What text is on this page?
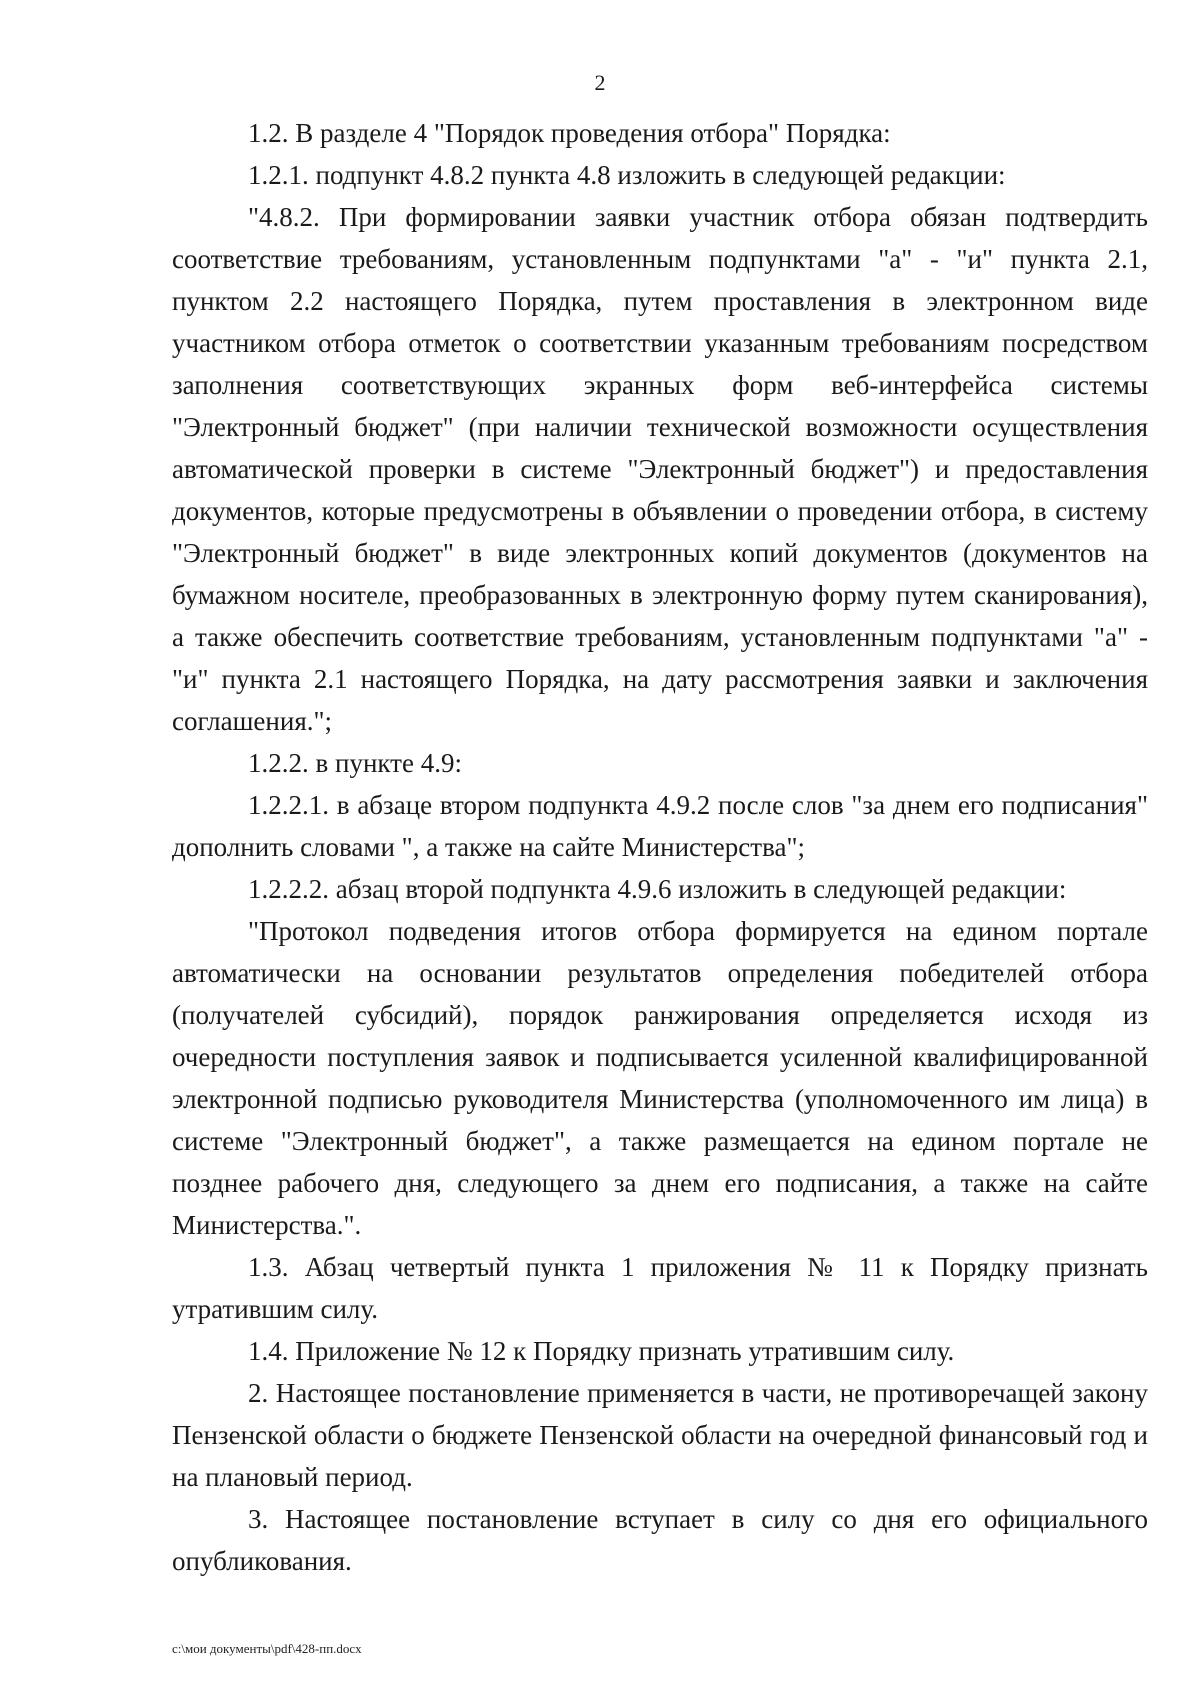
2

1.2. В разделе 4 "Порядок проведения отбора" Порядка:

1.2.1. подпункт 4.8.2 пункта 4.8 изложить в следующей редакции:

"4.8.2. При формировании заявки участник отбора обязан подтвердить соответствие требованиям, установленным подпунктами "а" - "и" пункта 2.1, пунктом 2.2 настоящего Порядка, путем проставления в электронном виде участником отбора отметок о соответствии указанным требованиям посредством заполнения соответствующих экранных форм веб-интерфейса системы "Электронный бюджет" (при наличии технической возможности осуществления автоматической проверки в системе "Электронный бюджет") и предоставления документов, которые предусмотрены в объявлении о проведении отбора, в систему "Электронный бюджет" в виде электронных копий документов (документов на бумажном носителе, преобразованных в электронную форму путем сканирования), а также обеспечить соответствие требованиям, установленным подпунктами "а" - "и" пункта 2.1 настоящего Порядка, на дату рассмотрения заявки и заключения соглашения.";

1.2.2. в пункте 4.9:

1.2.2.1. в абзаце втором подпункта 4.9.2 после слов "за днем его подписания" дополнить словами ", а также на сайте Министерства";

1.2.2.2. абзац второй подпункта 4.9.6 изложить в следующей редакции:

"Протокол подведения итогов отбора формируется на едином портале автоматически на основании результатов определения победителей отбора (получателей субсидий), порядок ранжирования определяется исходя из очередности поступления заявок и подписывается усиленной квалифицированной электронной подписью руководителя Министерства (уполномоченного им лица) в системе "Электронный бюджет", а также размещается на едином портале не позднее рабочего дня, следующего за днем его подписания, а также на сайте Министерства.".

1.3. Абзац четвертый пункта 1 приложения № 11 к Порядку признать утратившим силу.

1.4. Приложение № 12 к Порядку признать утратившим силу.

2. Настоящее постановление применяется в части, не противоречащей закону Пензенской области о бюджете Пензенской области на очередной финансовый год и на плановый период.

3. Настоящее постановление вступает в силу со дня его официального опубликования.

c:\мои документы\pdf\428-пп.docx
